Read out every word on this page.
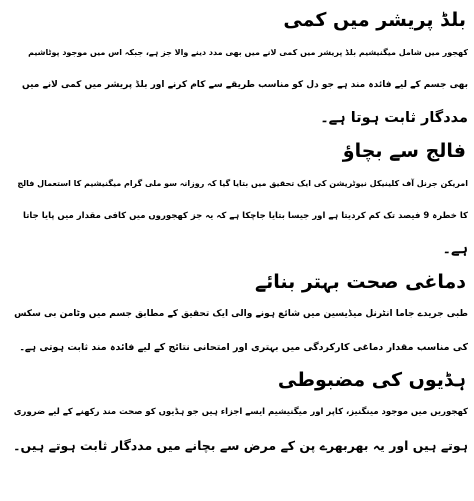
بلڈ پریشر میں کمی
کھجور میں شامل میگنیشیم بلڈ پریشر میں کمی لانے میں بھی مدد دینے والا جز ہے، جبکہ اس میں موجود پوٹاشیم
بھی جسم کے لیے فائدہ مند ہے جو دل کو مناسب طریقے سے کام کرنے اور بلڈ پریشر میں کمی لانے میں
مددگار ثابت ہوتا ہے۔
فالج سے بچاؤ
امریکن جرنل آف کلینیکل نیوٹریشن کی ایک تحقیق میں بتایا گیا کہ روزانہ سو ملی گرام میگنیشیم کا استعمال فالج
کا خطرہ 9 فیصد تک کم کردیتا ہے اور جیسا بتایا جاچکا ہے کہ یہ جز کھجوروں میں کافی مقدار میں پایا جاتا
ہے۔
دماغی صحت بہتر بنائے
طبی جریدے جاما انٹرنل میڈیسین میں شائع ہونے والی ایک تحقیق کے مطابق جسم میں وٹامن بی سکس
کی مناسب مقدار دماغی کارکردگی میں بہتری اور امتحانی نتائج کے لیے فائدہ مند ثابت ہوتی ہے۔
ہڈیوں کی مضبوطی
کھجوریں میں موجود مینگنیز، کاپر اور میگنیشیم ایسے اجزاء ہیں جو ہڈیوں کو صحت مند رکھنے کے لیے ضروری
ہوتے ہیں اور یہ بھربھرے پن کے مرض سے بچانے میں مددگار ثابت ہوتے ہیں۔
